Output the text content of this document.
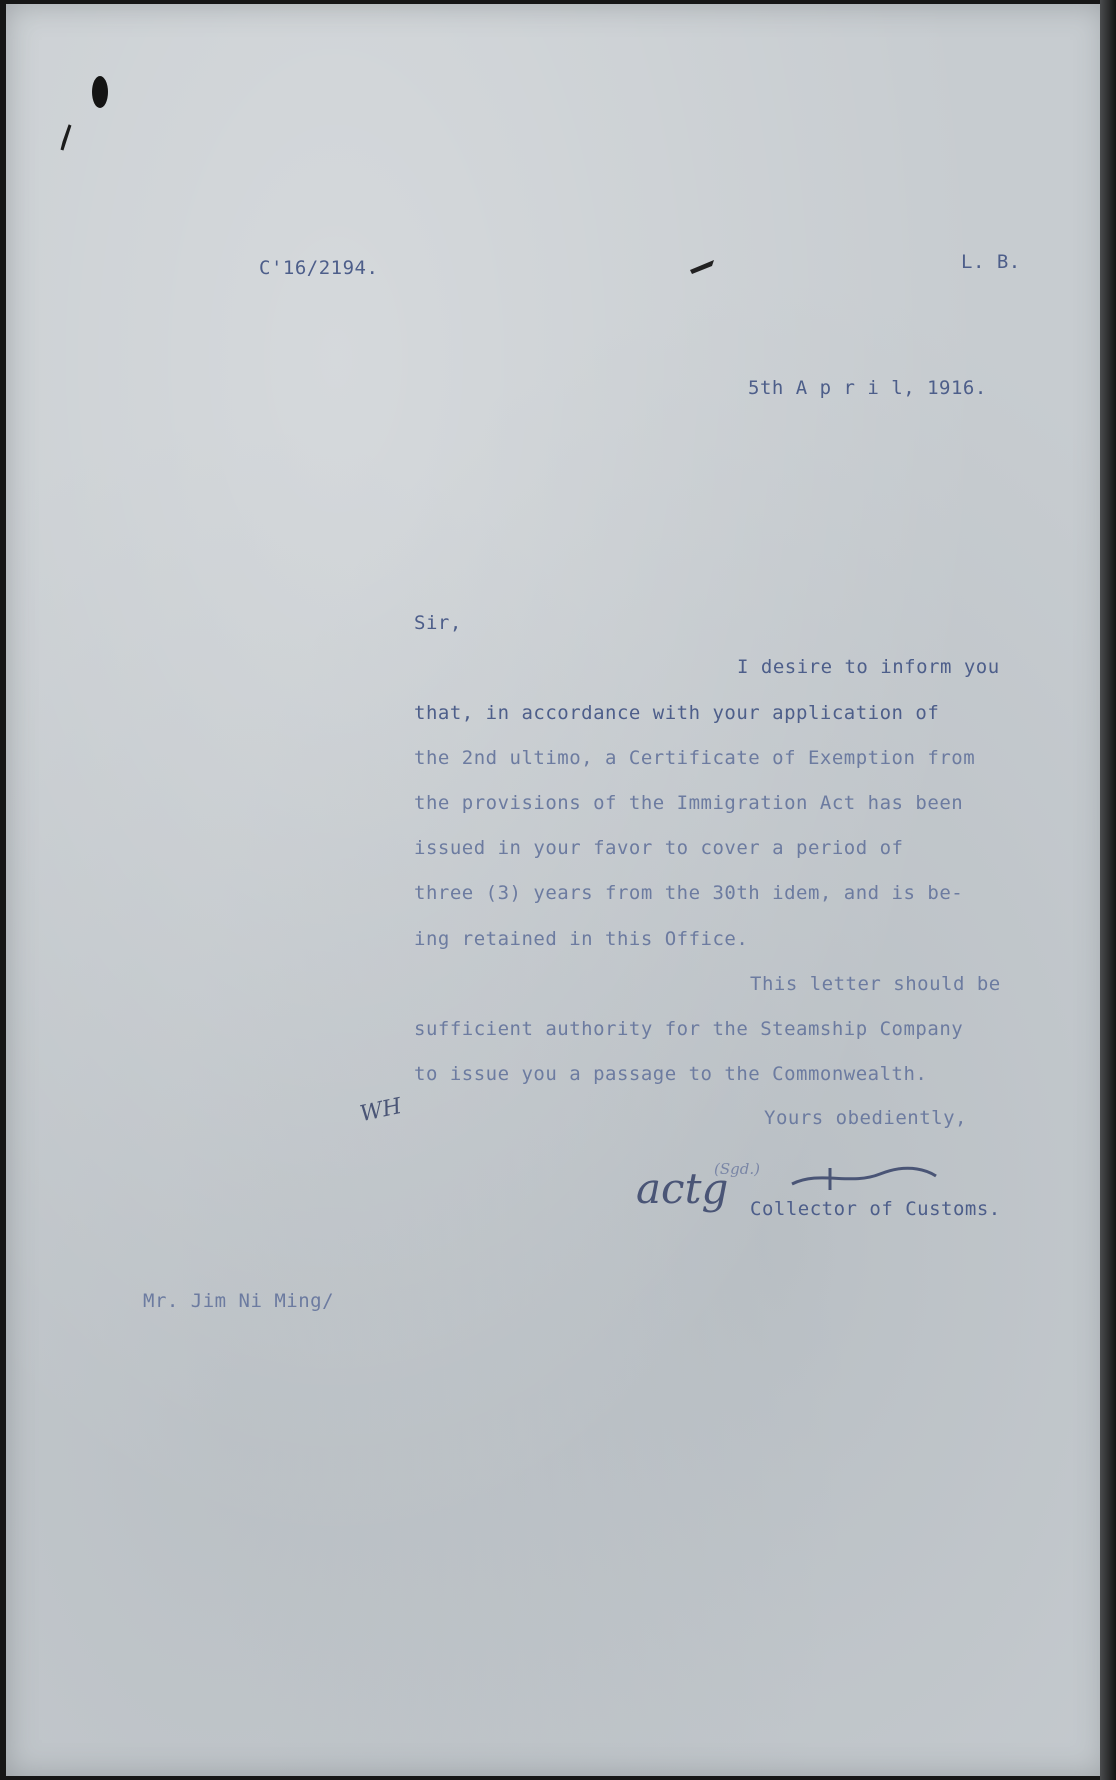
C'16/2194.	L. B.
5th A p r i l, 1916.
Sir,
I desire to inform you
that, in accordance with your application of
the 2nd ultimo, a Certificate of Exemption from
the provisions of the Immigration Act has been
issued in your favor to cover a period of
three (3) years from the 30th idem, and is be-
ing retained in this Office.
This letter should be
sufficient authority for the Steamship Company
to issue you a passage to the Commonwealth.
WH	Yours obediently,
(Sgd.)
actg Collector of Customs.
Mr. Jim Ni Ming/
